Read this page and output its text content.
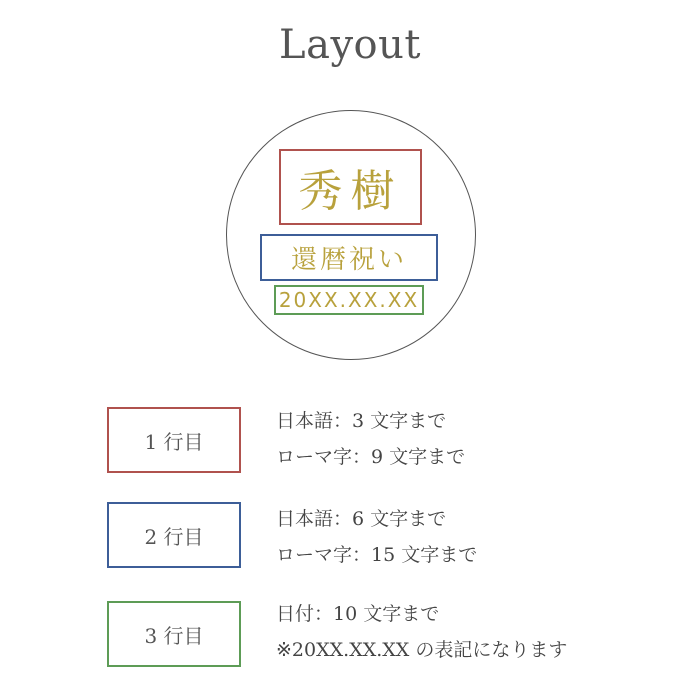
Layout
秀樹
還暦祝い
20XX.XX.XX
1 行目
日本語：3 文字まで
ローマ字：9 文字まで
2 行目
日本語：6 文字まで
ローマ字：15 文字まで
3 行目
日付：10 文字まで
※20XX.XX.XX の表記になります
